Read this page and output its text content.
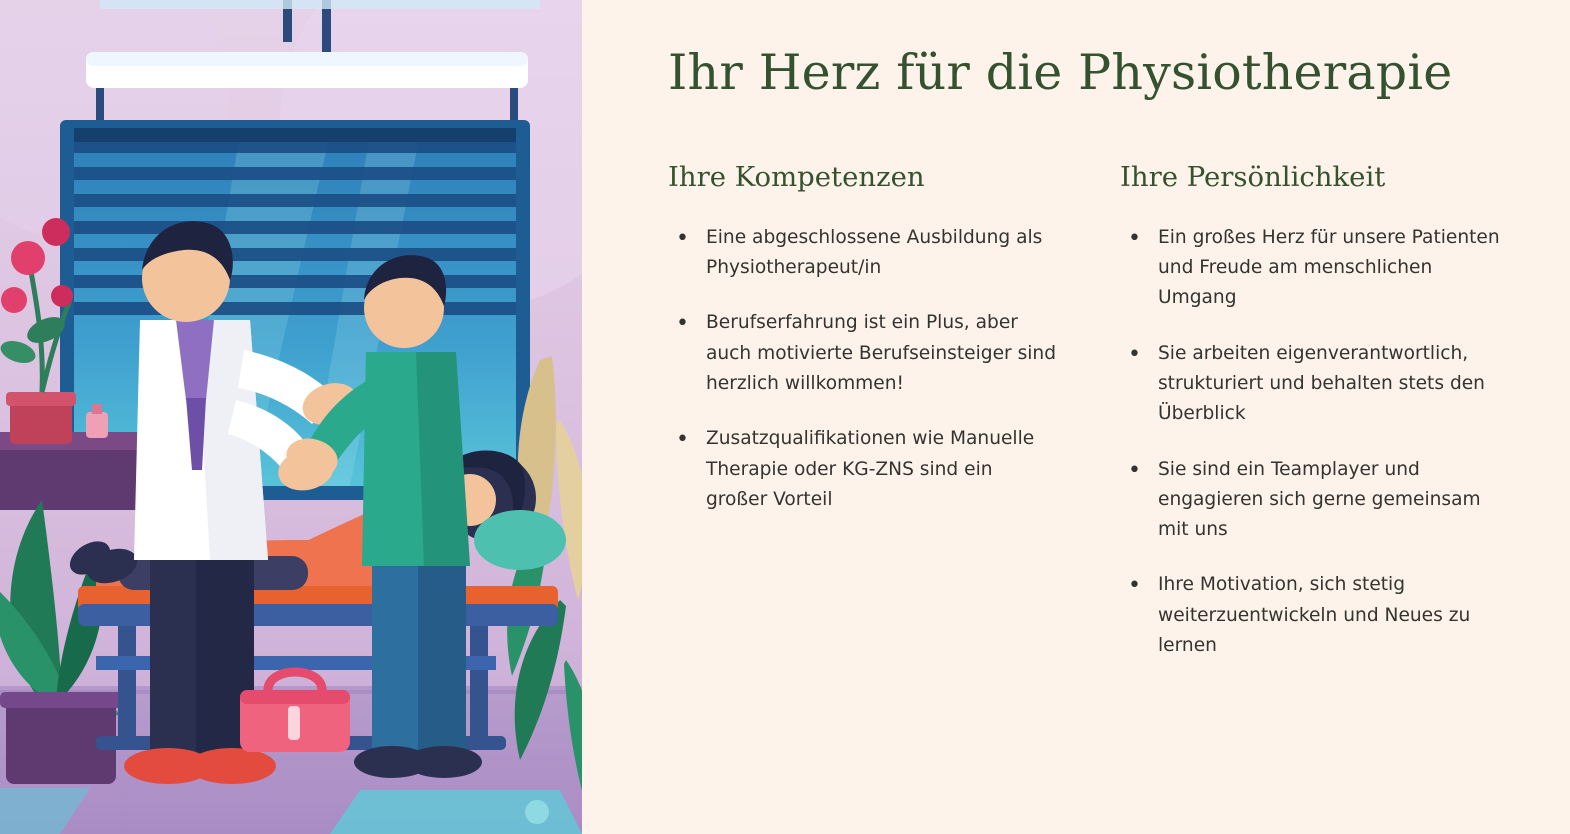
Ihr Herz für die Physiotherapie
Ihre Kompetenzen
• Eine abgeschlossene Ausbildung als Physiotherapeut/in
• Berufserfahrung ist ein Plus, aber auch motivierte Berufseinsteiger sind herzlich willkommen!
• Zusatzqualifikationen wie Manuelle Therapie oder KG-ZNS sind ein großer Vorteil
Ihre Persönlichkeit
• Ein großes Herz für unsere Patienten und Freude am menschlichen Umgang
• Sie arbeiten eigenverantwortlich, strukturiert und behalten stets den Überblick
• Sie sind ein Teamplayer und engagieren sich gerne gemeinsam mit uns
• Ihre Motivation, sich stetig weiterzuentwickeln und Neues zu lernen
